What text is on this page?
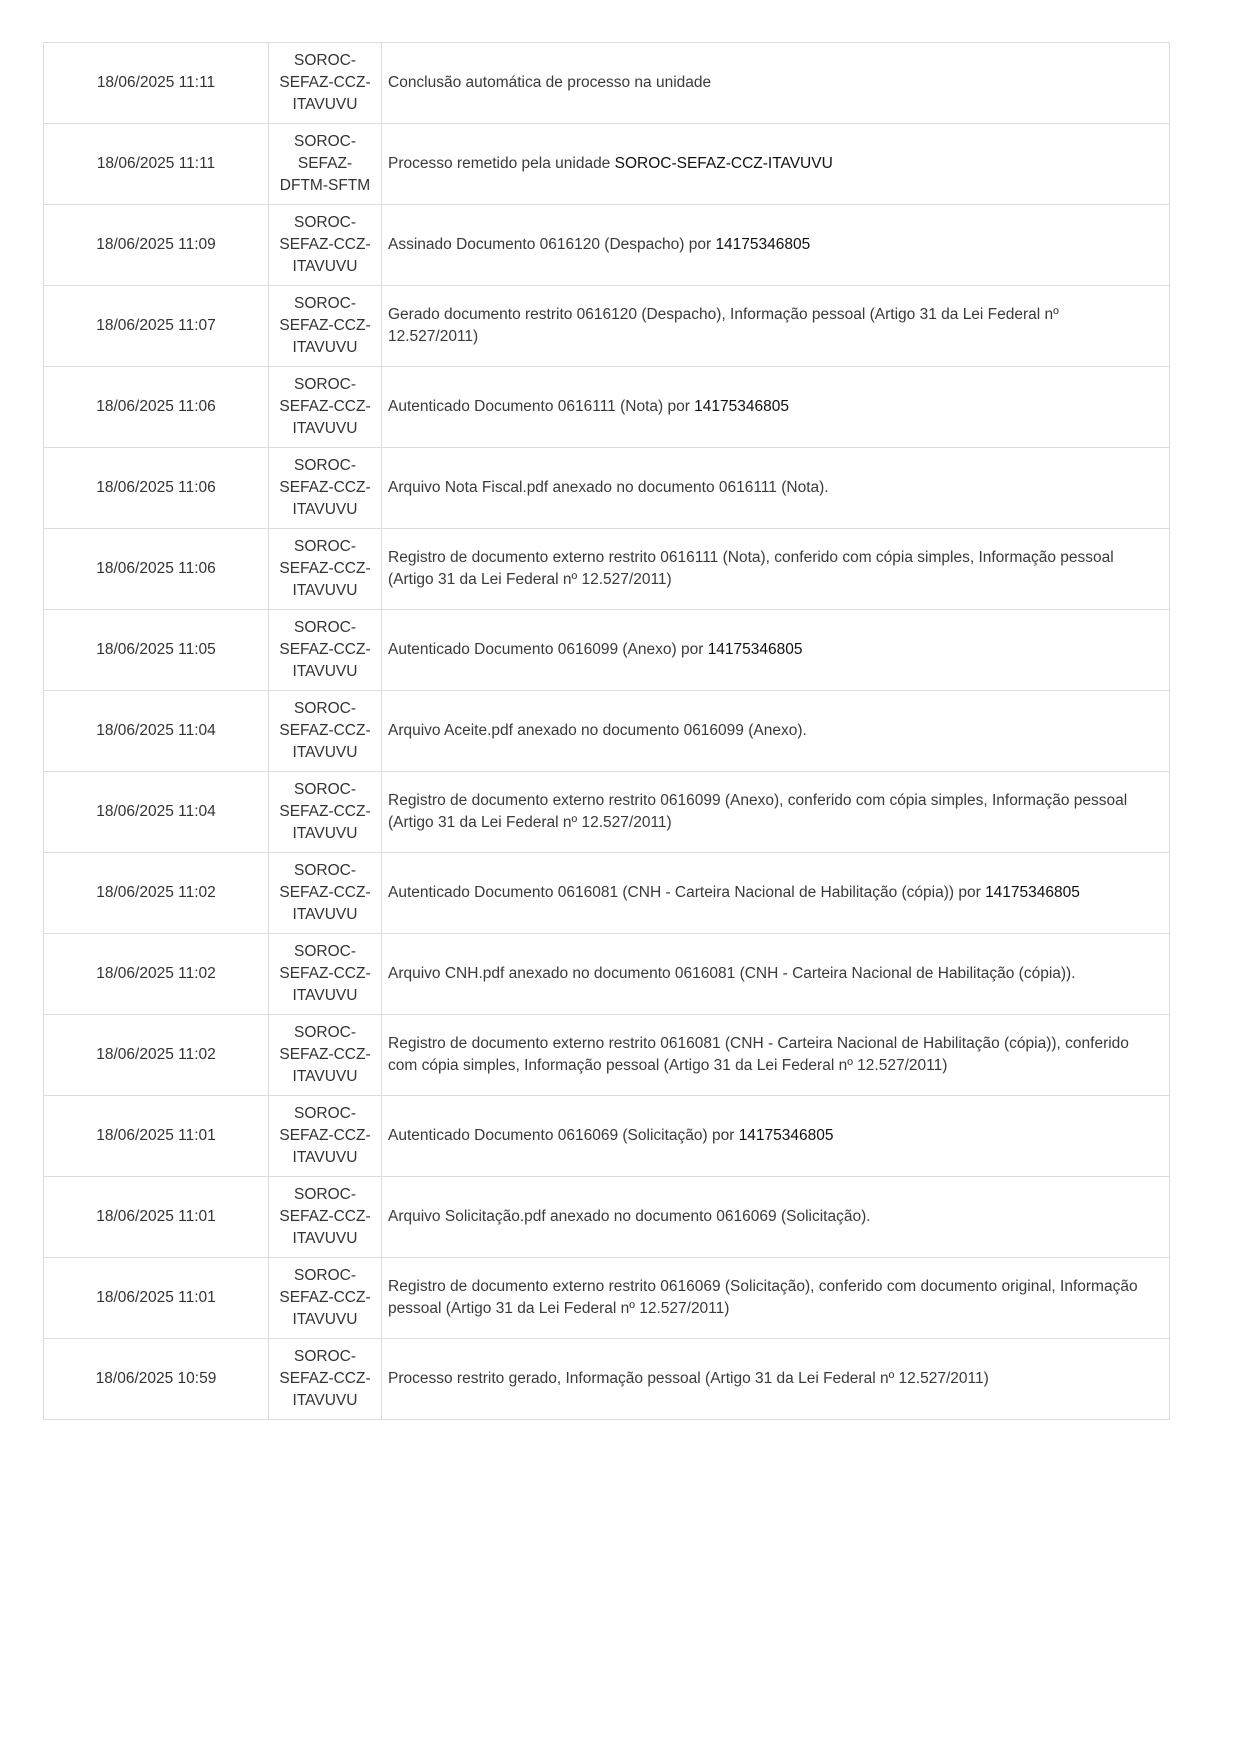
18/06/2025 11:11	SOROC-
SEFAZ-CCZ-
ITAVUVU	Conclusão automática de processo na unidade
18/06/2025 11:11	SOROC-
SEFAZ-
DFTM-SFTM	Processo remetido pela unidade SOROC-SEFAZ-CCZ-ITAVUVU
18/06/2025 11:09	SOROC-
SEFAZ-CCZ-
ITAVUVU	Assinado Documento 0616120 (Despacho) por 14175346805
18/06/2025 11:07	SOROC-
SEFAZ-CCZ-
ITAVUVU	Gerado documento restrito 0616120 (Despacho), Informação pessoal (Artigo 31 da Lei Federal nº 12.527/2011)
18/06/2025 11:06	SOROC-
SEFAZ-CCZ-
ITAVUVU	Autenticado Documento 0616111 (Nota) por 14175346805
18/06/2025 11:06	SOROC-
SEFAZ-CCZ-
ITAVUVU	Arquivo Nota Fiscal.pdf anexado no documento 0616111 (Nota).
18/06/2025 11:06	SOROC-
SEFAZ-CCZ-
ITAVUVU	Registro de documento externo restrito 0616111 (Nota), conferido com cópia simples, Informação pessoal (Artigo 31 da Lei Federal nº 12.527/2011)
18/06/2025 11:05	SOROC-
SEFAZ-CCZ-
ITAVUVU	Autenticado Documento 0616099 (Anexo) por 14175346805
18/06/2025 11:04	SOROC-
SEFAZ-CCZ-
ITAVUVU	Arquivo Aceite.pdf anexado no documento 0616099 (Anexo).
18/06/2025 11:04	SOROC-
SEFAZ-CCZ-
ITAVUVU	Registro de documento externo restrito 0616099 (Anexo), conferido com cópia simples, Informação pessoal (Artigo 31 da Lei Federal nº 12.527/2011)
18/06/2025 11:02	SOROC-
SEFAZ-CCZ-
ITAVUVU	Autenticado Documento 0616081 (CNH - Carteira Nacional de Habilitação (cópia)) por 14175346805
18/06/2025 11:02	SOROC-
SEFAZ-CCZ-
ITAVUVU	Arquivo CNH.pdf anexado no documento 0616081 (CNH - Carteira Nacional de Habilitação (cópia)).
18/06/2025 11:02	SOROC-
SEFAZ-CCZ-
ITAVUVU	Registro de documento externo restrito 0616081 (CNH - Carteira Nacional de Habilitação (cópia)), conferido com cópia simples, Informação pessoal (Artigo 31 da Lei Federal nº 12.527/2011)
18/06/2025 11:01	SOROC-
SEFAZ-CCZ-
ITAVUVU	Autenticado Documento 0616069 (Solicitação) por 14175346805
18/06/2025 11:01	SOROC-
SEFAZ-CCZ-
ITAVUVU	Arquivo Solicitação.pdf anexado no documento 0616069 (Solicitação).
18/06/2025 11:01	SOROC-
SEFAZ-CCZ-
ITAVUVU	Registro de documento externo restrito 0616069 (Solicitação), conferido com documento original, Informação pessoal (Artigo 31 da Lei Federal nº 12.527/2011)
18/06/2025 10:59	SOROC-
SEFAZ-CCZ-
ITAVUVU	Processo restrito gerado, Informação pessoal (Artigo 31 da Lei Federal nº 12.527/2011)
